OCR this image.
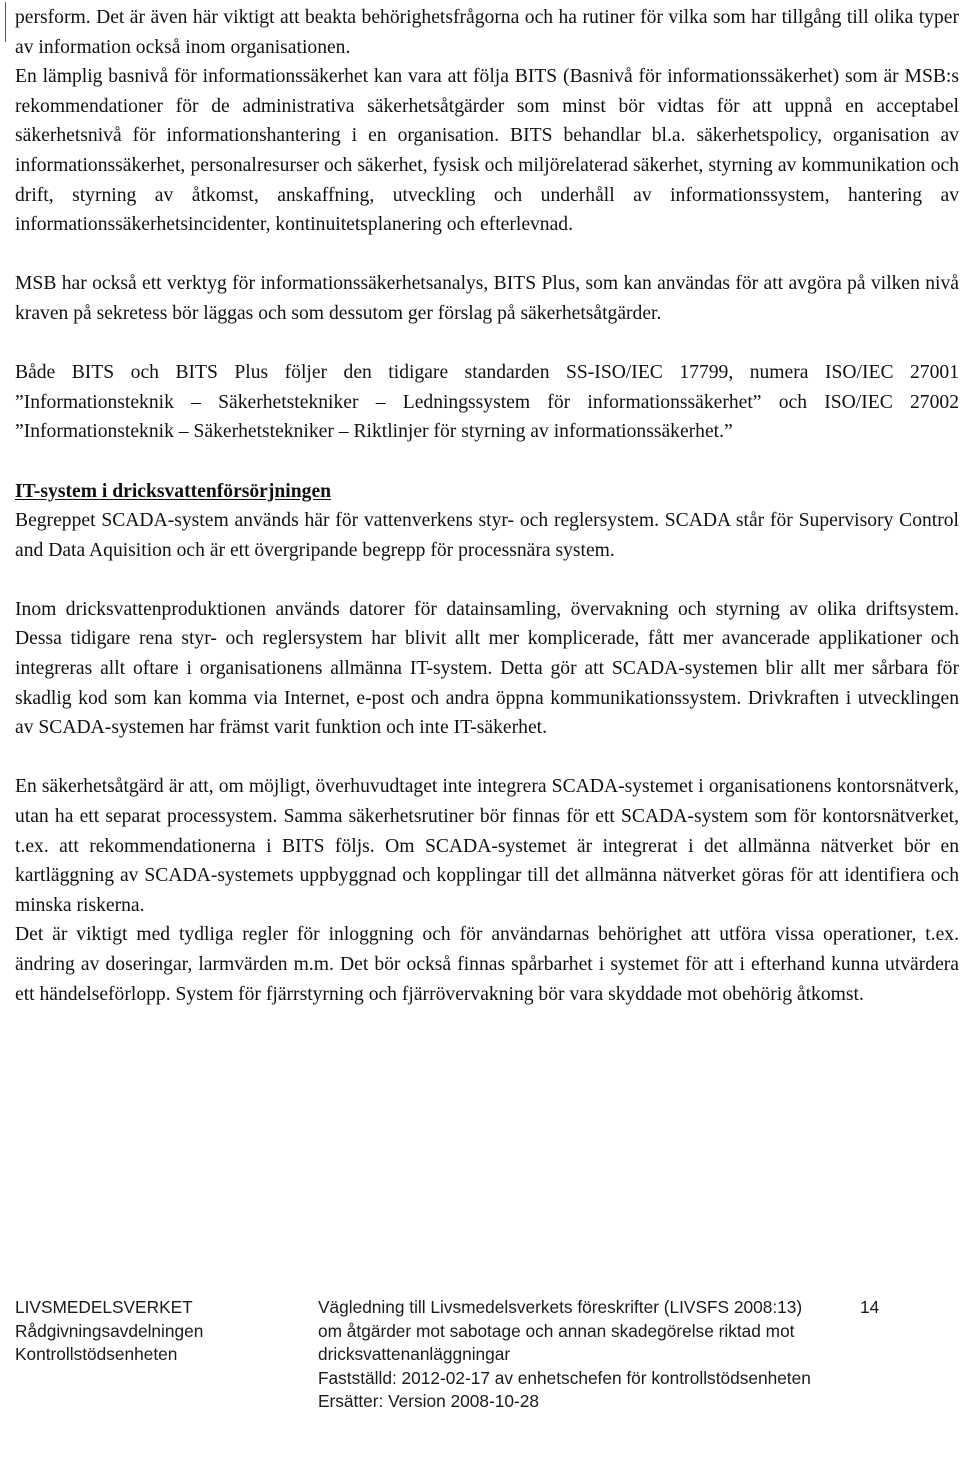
persform. Det är även här viktigt att beakta behörighetsfrågorna och ha rutiner för vilka som har tillgång till olika typer av information också inom organisationen.

En lämplig basnivå för informationssäkerhet kan vara att följa BITS (Basnivå för informationssäkerhet) som är MSB:s rekommendationer för de administrativa säkerhetsåtgärder som minst bör vidtas för att uppnå en acceptabel säkerhetsnivå för informationshantering i en organisation. BITS behandlar bl.a. säkerhetspolicy, organisation av informationssäkerhet, personalresurser och säkerhet, fysisk och miljörelaterad säkerhet, styrning av kommunikation och drift, styrning av åtkomst, anskaffning, utveckling och underhåll av informationssystem, hantering av informationssäkerhetsincidenter, kontinuitetsplanering och efterlevnad.

MSB har också ett verktyg för informationssäkerhetsanalys, BITS Plus, som kan användas för att avgöra på vilken nivå kraven på sekretess bör läggas och som dessutom ger förslag på säkerhetsåtgärder.

Både BITS och BITS Plus följer den tidigare standarden SS-ISO/IEC 17799, numera ISO/IEC 27001 ”Informationsteknik – Säkerhetstekniker – Ledningssystem för informationssäkerhet” och ISO/IEC 27002 ”Informationsteknik – Säkerhetstekniker – Riktlinjer för styrning av informationssäkerhet.”

IT-system i dricksvattenförsörjningen

Begreppet SCADA-system används här för vattenverkens styr- och reglersystem. SCADA står för Supervisory Control and Data Aquisition och är ett övergripande begrepp för processnära system.

Inom dricksvattenproduktionen används datorer för datainsamling, övervakning och styrning av olika driftsystem. Dessa tidigare rena styr- och reglersystem har blivit allt mer komplicerade, fått mer avancerade applikationer och integreras allt oftare i organisationens allmänna IT-system. Detta gör att SCADA-systemen blir allt mer sårbara för skadlig kod som kan komma via Internet, e-post och andra öppna kommunikationssystem. Drivkraften i utvecklingen av SCADA-systemen har främst varit funktion och inte IT-säkerhet.

En säkerhetsåtgärd är att, om möjligt, överhuvudtaget inte integrera SCADA-systemet i organisationens kontorsnätverk, utan ha ett separat processystem. Samma säkerhetsrutiner bör finnas för ett SCADA-system som för kontorsnätverket, t.ex. att rekommendationerna i BITS följs. Om SCADA-systemet är integrerat i det allmänna nätverket bör en kartläggning av SCADA-systemets uppbyggnad och kopplingar till det allmänna nätverket göras för att identifiera och minska riskerna.

Det är viktigt med tydliga regler för inloggning och för användarnas behörighet att utföra vissa operationer, t.ex. ändring av doseringar, larmvärden m.m. Det bör också finnas spårbarhet i systemet för att i efterhand kunna utvärdera ett händelseförlopp. System för fjärrstyrning och fjärrövervakning bör vara skyddade mot obehörig åtkomst.

LIVSMEDELSVERKET
Rådgivningsavdelningen
Kontrollstödsenheten
Vägledning till Livsmedelsverkets föreskrifter (LIVSFS 2008:13) om åtgärder mot sabotage och annan skadegörelse riktad mot dricksvattenanläggningar
Fastställd: 2012-02-17 av enhetschefen för kontrollstödsenheten
Ersätter: Version 2008-10-28
14
